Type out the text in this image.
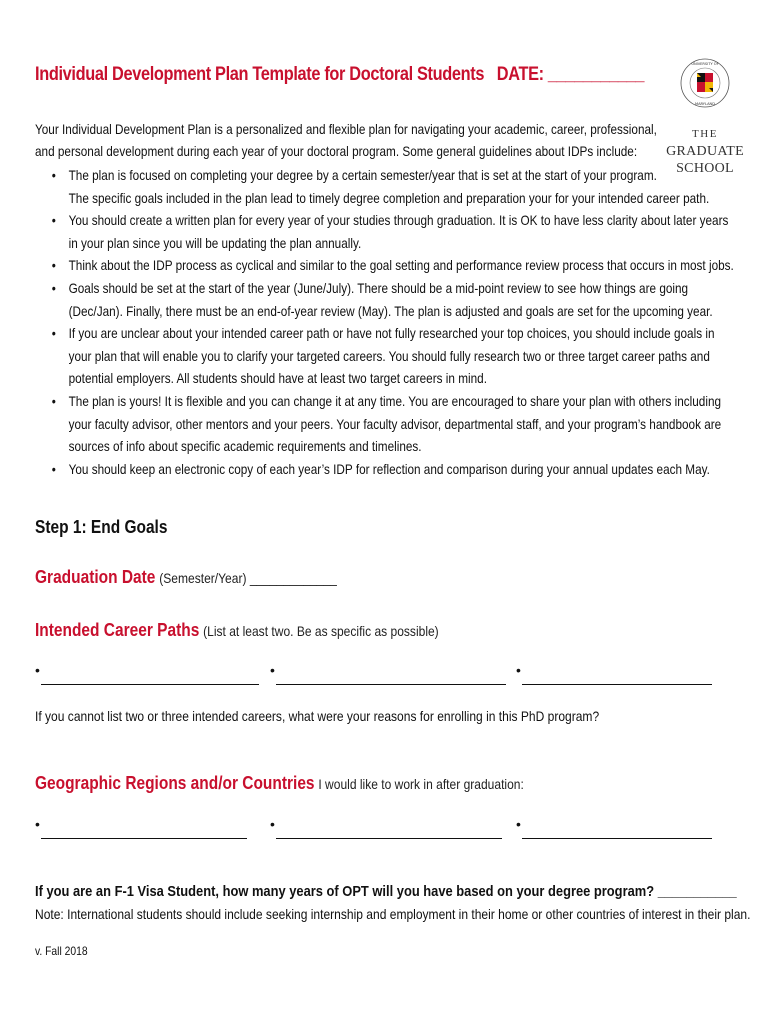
Individual Development Plan Template for Doctoral Students DATE: ___________	UNIVERSITY OF
MARYLAND
THE
GRADUATE
SCHOOL
Your Individual Development Plan is a personalized and flexible plan for navigating your academic, career, professional,
and personal development during each year of your doctoral program. Some general guidelines about IDPs include:
• The plan is focused on completing your degree by a certain semester/year that is set at the start of your program.
The specific goals included in the plan lead to timely degree completion and preparation your for your intended career path.
• You should create a written plan for every year of your studies through graduation. It is OK to have less clarity about later years
in your plan since you will be updating the plan annually.
• Think about the IDP process as cyclical and similar to the goal setting and performance review process that occurs in most jobs.
• Goals should be set at the start of the year (June/July). There should be a mid-point review to see how things are going
(Dec/Jan). Finally, there must be an end-of-year review (May). The plan is adjusted and goals are set for the upcoming year.
• If you are unclear about your intended career path or have not fully researched your top choices, you should include goals in
your plan that will enable you to clarify your targeted careers. You should fully research two or three target career paths and
potential employers. All students should have at least two target careers in mind.
• The plan is yours! It is flexible and you can change it at any time. You are encouraged to share your plan with others including
your faculty advisor, other mentors and your peers. Your faculty advisor, departmental staff, and your program’s handbook are
sources of info about specific academic requirements and timelines.
• You should keep an electronic copy of each year’s IDP for reflection and comparison during your annual updates each May.
Step 1: End Goals
Graduation Date (Semester/Year) _____________
Intended Career Paths (List at least two. Be as specific as possible)
•	•	•
If you cannot list two or three intended careers, what were your reasons for enrolling in this PhD program?
Geographic Regions and/or Countries I would like to work in after graduation:
•	•	•
If you are an F-1 Visa Student, how many years of OPT will you have based on your degree program? ___________
Note: International students should include seeking internship and employment in their home or other countries of interest in their plan.
v. Fall 2018
